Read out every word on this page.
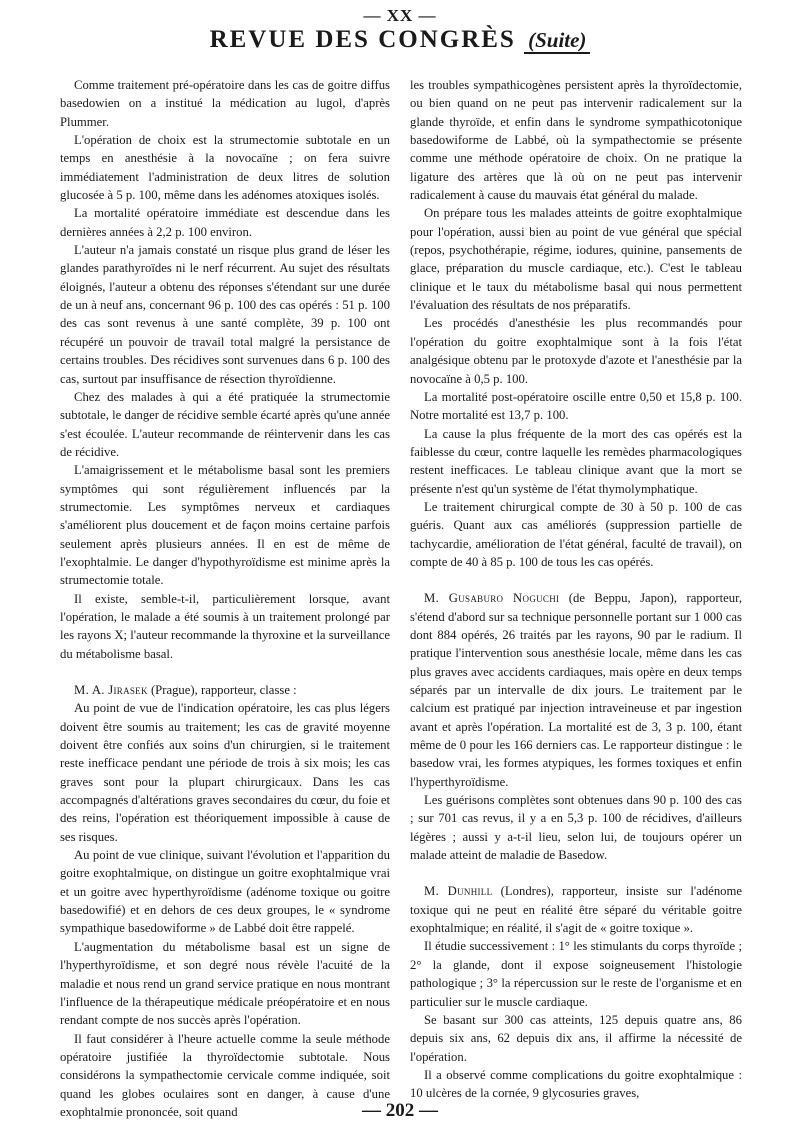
— XX —
REVUE DES CONGRÈS (Suite)

Comme traitement pré-opératoire dans les cas de goitre diffus basedowien on a institué la médication au lugol, d'après Plummer.

L'opération de choix est la strumectomie subtotale en un temps en anesthésie à la novocaïne ; on fera suivre immédiatement l'administration de deux litres de solution glucosée à 5 p. 100, même dans les adénomes atoxiques isolés.

La mortalité opératoire immédiate est descendue dans les dernières années à 2,2 p. 100 environ.

L'auteur n'a jamais constaté un risque plus grand de léser les glandes parathyroïdes ni le nerf récurrent. Au sujet des résultats éloignés, l'auteur a obtenu des réponses s'étendant sur une durée de un à neuf ans, concernant 96 p. 100 des cas opérés : 51 p. 100 des cas sont revenus à une santé complète, 39 p. 100 ont récupéré un pouvoir de travail total malgré la persistance de certains troubles. Des récidives sont survenues dans 6 p. 100 des cas, surtout par insuffisance de résection thyroïdienne.

Chez des malades à qui a été pratiquée la strumectomie subtotale, le danger de récidive semble écarté après qu'une année s'est écoulée. L'auteur recommande de réintervenir dans les cas de récidive.

L'amaigrissement et le métabolisme basal sont les premiers symptômes qui sont régulièrement influencés par la strumectomie. Les symptômes nerveux et cardiaques s'améliorent plus doucement et de façon moins certaine parfois seulement après plusieurs années. Il en est de même de l'exophtalmie. Le danger d'hypothyroïdisme est minime après la strumectomie totale.

Il existe, semble-t-il, particulièrement lorsque, avant l'opération, le malade a été soumis à un traitement prolongé par les rayons X; l'auteur recommande la thyroxine et la surveillance du métabolisme basal.

M. A. Jirasek (Prague), rapporteur, classe :

Au point de vue de l'indication opératoire, les cas plus légers doivent être soumis au traitement; les cas de gravité moyenne doivent être confiés aux soins d'un chirurgien, si le traitement reste inefficace pendant une période de trois à six mois; les cas graves sont pour la plupart chirurgicaux. Dans les cas accompagnés d'altérations graves secondaires du cœur, du foie et des reins, l'opération est théoriquement impossible à cause de ses risques.

Au point de vue clinique, suivant l'évolution et l'apparition du goitre exophtalmique, on distingue un goitre exophtalmique vrai et un goitre avec hyperthyroïdisme (adénome toxique ou goitre basedowifié) et en dehors de ces deux groupes, le « syndrome sympathique basedowiforme » de Labbé doit être rappelé.

L'augmentation du métabolisme basal est un signe de l'hyperthyroïdisme, et son degré nous révèle l'acuité de la maladie et nous rend un grand service pratique en nous montrant l'influence de la thérapeutique médicale préopératoire et en nous rendant compte de nos succès après l'opération.

Il faut considérer à l'heure actuelle comme la seule méthode opératoire justifiée la thyroïdectomie subtotale. Nous considérons la sympathectomie cervicale comme indiquée, soit quand les globes oculaires sont en danger, à cause d'une exophtalmie prononcée, soit quand

les troubles sympathicogènes persistent après la thyroïdectomie, ou bien quand on ne peut pas intervenir radicalement sur la glande thyroïde, et enfin dans le syndrome sympathicotonique basedowiforme de Labbé, où la sympathectomie se présente comme une méthode opératoire de choix. On ne pratique la ligature des artères que là où on ne peut pas intervenir radicalement à cause du mauvais état général du malade.

On prépare tous les malades atteints de goitre exophtalmique pour l'opération, aussi bien au point de vue général que spécial (repos, psychothérapie, régime, iodures, quinine, pansements de glace, préparation du muscle cardiaque, etc.). C'est le tableau clinique et le taux du métabolisme basal qui nous permettent l'évaluation des résultats de nos préparatifs.

Les procédés d'anesthésie les plus recommandés pour l'opération du goitre exophtalmique sont à la fois l'état analgésique obtenu par le protoxyde d'azote et l'anesthésie par la novocaïne à 0,5 p. 100.

La mortalité post-opératoire oscille entre 0,50 et 15,8 p. 100. Notre mortalité est 13,7 p. 100.

La cause la plus fréquente de la mort des cas opérés est la faiblesse du cœur, contre laquelle les remèdes pharmacologiques restent inefficaces. Le tableau clinique avant que la mort se présente n'est qu'un système de l'état thymolymphatique.

Le traitement chirurgical compte de 30 à 50 p. 100 de cas guéris. Quant aux cas améliorés (suppression partielle de tachycardie, amélioration de l'état général, faculté de travail), on compte de 40 à 85 p. 100 de tous les cas opérés.

M. Gusaburo Noguchi (de Beppu, Japon), rapporteur, s'étend d'abord sur sa technique personnelle portant sur 1 000 cas dont 884 opérés, 26 traités par les rayons, 90 par le radium. Il pratique l'intervention sous anesthésie locale, même dans les cas plus graves avec accidents cardiaques, mais opère en deux temps séparés par un intervalle de dix jours. Le traitement par le calcium est pratiqué par injection intraveineuse et par ingestion avant et après l'opération. La mortalité est de 3, 3 p. 100, étant même de 0 pour les 166 derniers cas. Le rapporteur distingue : le basedow vrai, les formes atypiques, les formes toxiques et enfin l'hyperthyroïdisme.

Les guérisons complètes sont obtenues dans 90 p. 100 des cas ; sur 701 cas revus, il y a en 5,3 p. 100 de récidives, d'ailleurs légères ; aussi y a-t-il lieu, selon lui, de toujours opérer un malade atteint de maladie de Basedow.

M. Dunhill (Londres), rapporteur, insiste sur l'adénome toxique qui ne peut en réalité être séparé du véritable goitre exophtalmique; en réalité, il s'agit de « goitre toxique ».

Il étudie successivement : 1° les stimulants du corps thyroïde ; 2° la glande, dont il expose soigneusement l'histologie pathologique ; 3° la répercussion sur le reste de l'organisme et en particulier sur le muscle cardiaque.

Se basant sur 300 cas atteints, 125 depuis quatre ans, 86 depuis six ans, 62 depuis dix ans, il affirme la nécessité de l'opération.

Il a observé comme complications du goitre exophtalmique : 10 ulcères de la cornée, 9 glycosuries graves,

— 202 —
